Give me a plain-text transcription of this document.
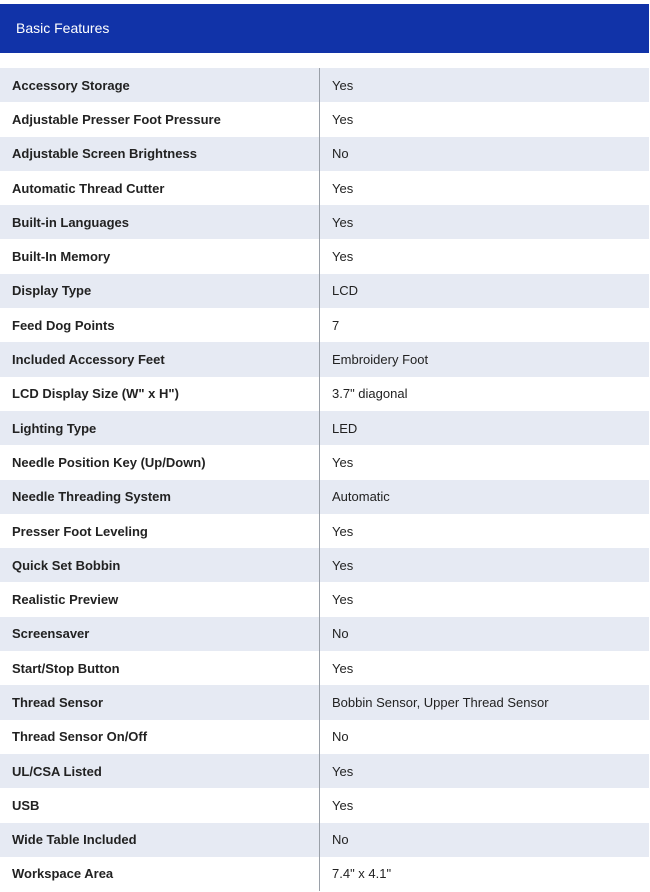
Basic Features
Accessory Storage	Yes
Adjustable Presser Foot Pressure	Yes
Adjustable Screen Brightness	No
Automatic Thread Cutter	Yes
Built-in Languages	Yes
Built-In Memory	Yes
Display Type	LCD
Feed Dog Points	7
Included Accessory Feet	Embroidery Foot
LCD Display Size (W" x H")	3.7" diagonal
Lighting Type	LED
Needle Position Key (Up/Down)	Yes
Needle Threading System	Automatic
Presser Foot Leveling	Yes
Quick Set Bobbin	Yes
Realistic Preview	Yes
Screensaver	No
Start/Stop Button	Yes
Thread Sensor	Bobbin Sensor, Upper Thread Sensor
Thread Sensor On/Off	No
UL/CSA Listed	Yes
USB	Yes
Wide Table Included	No
Workspace Area	7.4" x 4.1"
